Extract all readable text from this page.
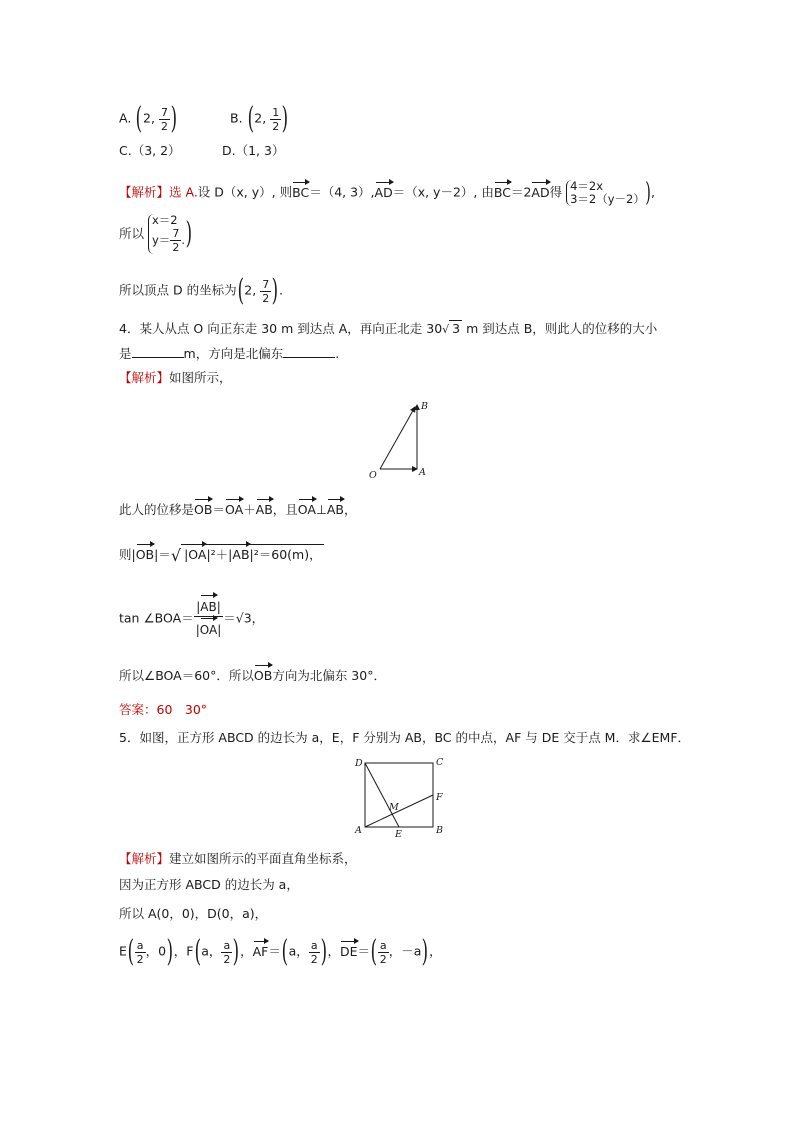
A. (2, $\frac{7}{2}$ )	B. (2, $\frac{1}{2}$ )
C.（3, 2）	D.（1, 3）
【解析】选 A.设 D（x, y）, 则BC＝（4, 3）,AD＝（x, y－2）, 由BC＝2AD得 4＝2x
3＝2（y－2） ),
所以
x＝2
$y= \frac{7}{2}$ . )
所以顶点 D 的坐标为(2, $\frac{7}{2}$ ).
4．某人从点 O 向正东走 30 m 到达点 A，再向正北走 30√ 3 m 到达点 B，则此人的位移的大小
是	m，方向是北偏东	.
【解析】如图所示，
O	A
B
此人的位移是OB＝OA＋AB，且OA⊥AB，
则|OB|＝√ |OA|²＋|AB|²＝60(m)，
tan ∠BOA＝ $\frac{|AB|}{|OA|} =√3$，
所以∠BOA＝60°．所以OB方向为北偏东 30°．
答案：60　30°
5．如图，正方形 ABCD 的边长为 a，E，F 分别为 AB，BC 的中点，AF 与 DE 交于点 M．求∠EMF．
A	B
C
D
E
F
M
【解析】建立如图所示的平面直角坐标系，
因为正方形 ABCD 的边长为 a，
所以 A(0，0)，D(0，a)，
$E( \frac{a}{2}$ ，0)，F(a， $\frac{a}{2}$ )，AF＝(a， $\frac{a}{2}$ )，$DE=( \frac{a}{2}$ ，－a)，
